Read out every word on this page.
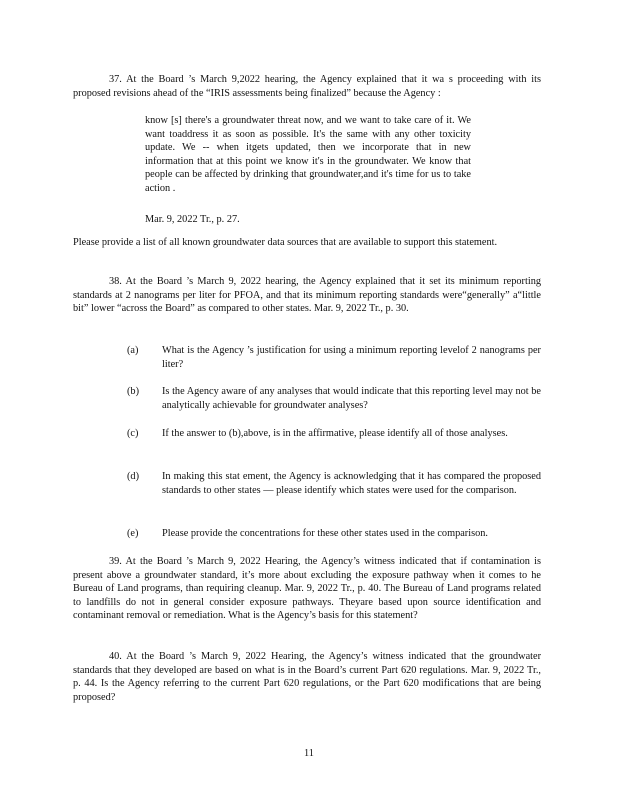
37. At the Board ’s March 9,2022 hearing, the Agency explained that it wa s proceeding with its proposed revisions ahead of the “IRIS assessments being finalized” because the Agency :

know [s] there's a groundwater threat now, and we want to take care of it. We want toaddress it as soon as possible. It's the same with any other toxicity update. We -- when itgets updated, then we incorporate that in new information that at this point we know it's in the groundwater. We know that people can be affected by drinking that groundwater,and it's time for us to take action .

Mar. 9, 2022 Tr., p. 27.

Please provide a list of all known groundwater data sources that are available to support this statement.

38. At the Board ’s March 9, 2022 hearing, the Agency explained that it set its minimum reporting standards at 2 nanograms per liter for PFOA, and that its minimum reporting standards were“generally” a“little bit” lower “across the Board” as compared to other states. Mar. 9, 2022 Tr., p. 30.

(a) What is the Agency ’s justification for using a minimum reporting levelof 2 nanograms per liter?
(b) Is the Agency aware of any analyses that would indicate that this reporting level may not be analytically achievable for groundwater analyses?
(c) If the answer to (b),above, is in the affirmative, please identify all of those analyses.
(d) In making this stat ement, the Agency is acknowledging that it has compared the proposed standards to other states — please identify which states were used for the comparison.
(e) Please provide the concentrations for these other states used in the comparison.

39. At the Board ’s March 9, 2022 Hearing, the Agency’s witness indicated that if contamination is present above a groundwater standard, it’s more about excluding the exposure pathway when it comes to he Bureau of Land programs, than requiring cleanup. Mar. 9, 2022 Tr., p. 40. The Bureau of Land programs related to landfills do not in general consider exposure pathways. Theyare based upon source identification and contaminant removal or remediation. What is the Agency’s basis for this statement?

40. At the Board ’s March 9, 2022 Hearing, the Agency’s witness indicated that the groundwater standards that they developed are based on what is in the Board’s current Part 620 regulations. Mar. 9, 2022 Tr., p. 44. Is the Agency referring to the current Part 620 regulations, or the Part 620 modifications that are being proposed?

11
